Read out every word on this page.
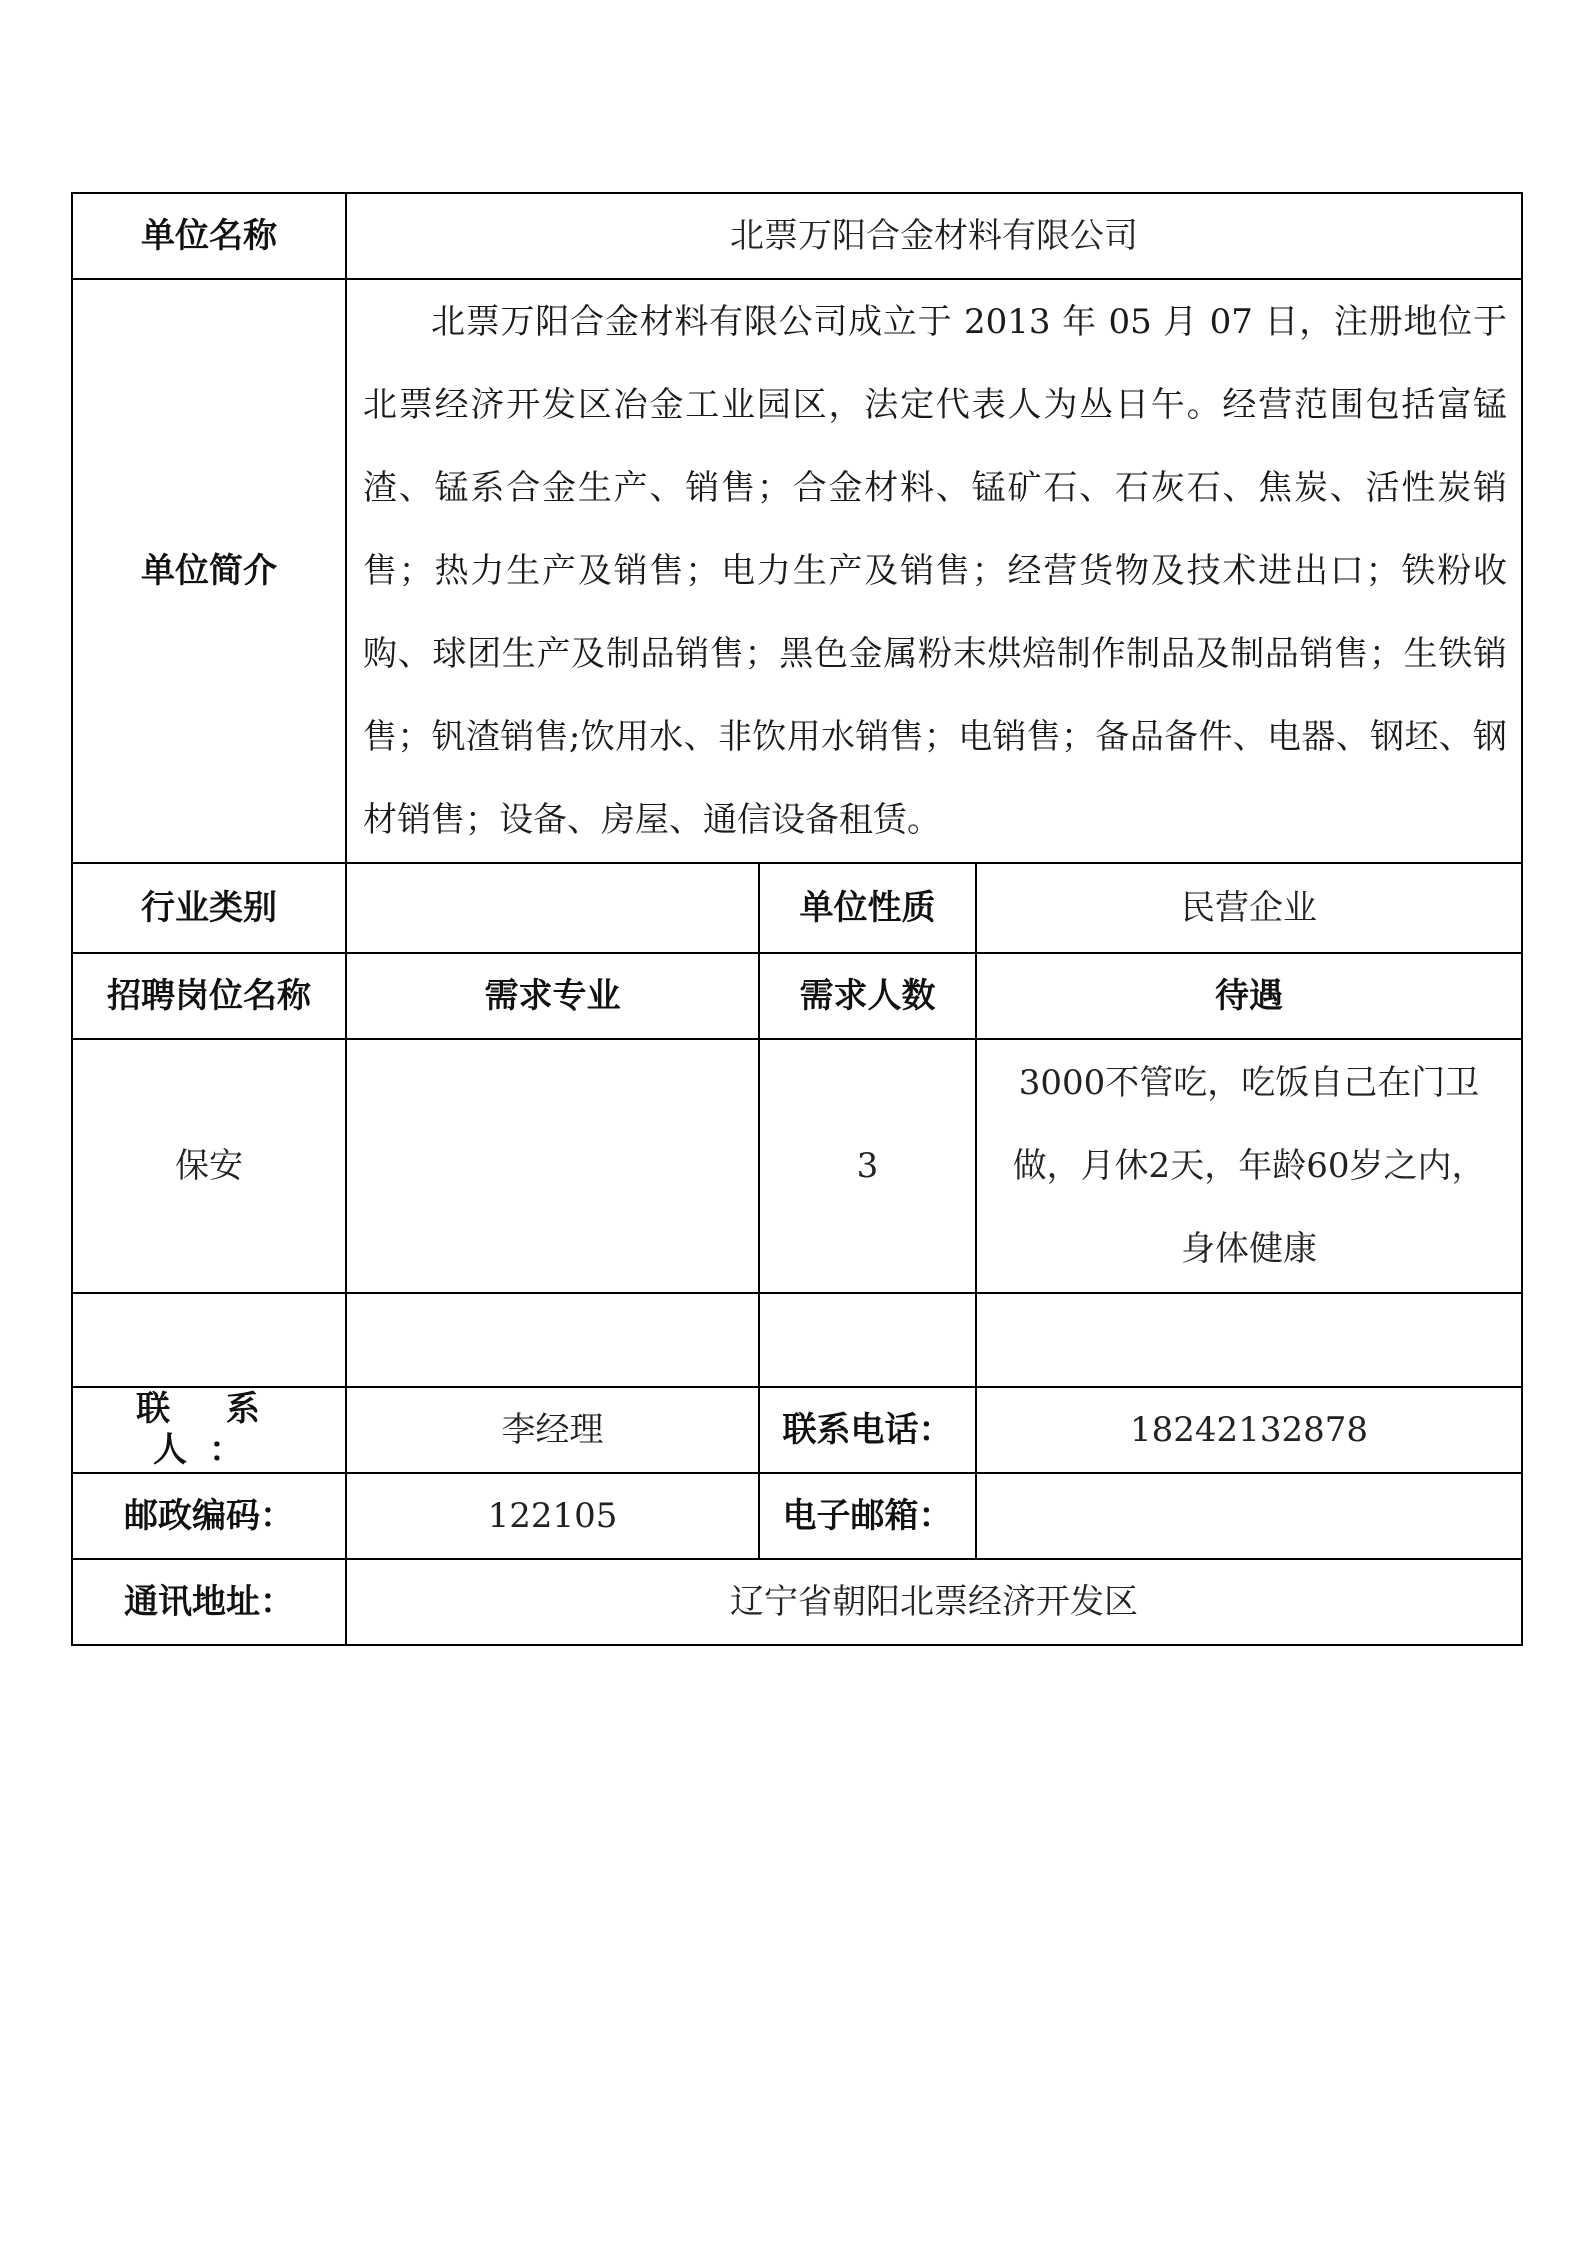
单位名称	北票万阳合金材料有限公司		
单位简介	北票万阳合金材料有限公司成立于 2013 年 05 月 07 日，注册地位于北票经济开发区冶金工业园区，法定代表人为丛日午。经营范围包括富锰渣、锰系合金生产、销售；合金材料、锰矿石、石灰石、焦炭、活性炭销售；热力生产及销售；电力生产及销售；经营货物及技术进出口；铁粉收购、球团生产及制品销售；黑色金属粉末烘焙制作制品及制品销售；生铁销售；钒渣销售;饮用水、非饮用水销售；电销售；备品备件、电器、钢坯、钢材销售；设备、房屋、通信设备租赁。		

行业类别		单位性质	民营企业
招聘岗位名称	需求专业	需求人数	待遇
保安		3	3000不管吃，吃饭自己在门卫做，月休2天，年龄60岁之内，身体健康

联 系 人：	李经理	联系电话：	18242132878
邮政编码：	122105	电子邮箱：	
通讯地址：	辽宁省朝阳北票经济开发区		
